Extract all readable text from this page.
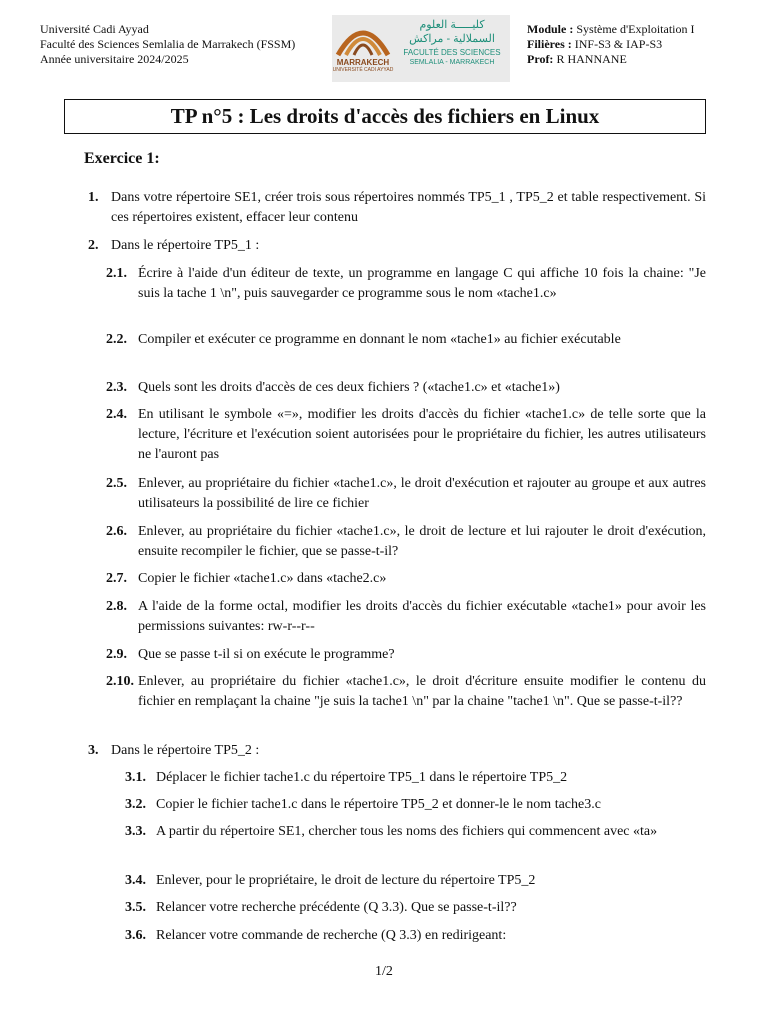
Université Cadi Ayyad
Faculté des Sciences Semlalia de Marrakech (FSSM)
Année universitaire 2024/2025	MARRAKECH
UNIVERSITÉ CADI AYYAD
كليـــــة العلوم
السملالية - مراكش
FACULTÉ DES SCIENCES
SEMLALIA - MARRAKECH
Module : Système d'Exploitation I
Filières : INF-S3 & IAP-S3
Prof: R HANNANE
TP n°5 : Les droits d'accès des fichiers en Linux
Exercice 1:
1. Dans votre répertoire SE1, créer trois sous répertoires nommés TP5_1 , TP5_2 et table respectivement. Si ces répertoires existent, effacer leur contenu
2. Dans le répertoire TP5_1 :
2.1. Écrire à l'aide d'un éditeur de texte, un programme en langage C qui affiche 10 fois la chaine: "Je suis la tache 1 \n", puis sauvegarder ce programme sous le nom «tache1.c»
2.2. Compiler et exécuter ce programme en donnant le nom «tache1» au fichier exécutable
2.3. Quels sont les droits d'accès de ces deux fichiers ? («tache1.c» et «tache1»)
2.4. En utilisant le symbole «=», modifier les droits d'accès du fichier «tache1.c» de telle sorte que la lecture, l'écriture et l'exécution soient autorisées pour le propriétaire du fichier, les autres utilisateurs ne l'auront pas
2.5. Enlever, au propriétaire du fichier «tache1.c», le droit d'exécution et rajouter au groupe et aux autres utilisateurs la possibilité de lire ce fichier
2.6. Enlever, au propriétaire du fichier «tache1.c», le droit de lecture et lui rajouter le droit d'exécution, ensuite recompiler le fichier, que se passe-t-il?
2.7. Copier le fichier «tache1.c» dans «tache2.c»
2.8. A l'aide de la forme octal, modifier les droits d'accès du fichier exécutable «tache1» pour avoir les permissions suivantes: rw-r--r--
2.9. Que se passe t-il si on exécute le programme?
2.10. Enlever, au propriétaire du fichier «tache1.c», le droit d'écriture ensuite modifier le contenu du fichier en remplaçant la chaine "je suis la tache1 \n" par la chaine "tache1 \n". Que se passe-t-il??
3. Dans le répertoire TP5_2 :
3.1. Déplacer le fichier tache1.c du répertoire TP5_1 dans le répertoire TP5_2
3.2. Copier le fichier tache1.c dans le répertoire TP5_2 et donner-le le nom tache3.c
3.3. A partir du répertoire SE1, chercher tous les noms des fichiers qui commencent avec «ta»
3.4. Enlever, pour le propriétaire, le droit de lecture du répertoire TP5_2
3.5. Relancer votre recherche précédente (Q 3.3). Que se passe-t-il??
3.6. Relancer votre commande de recherche (Q 3.3) en redirigeant:
1/2
